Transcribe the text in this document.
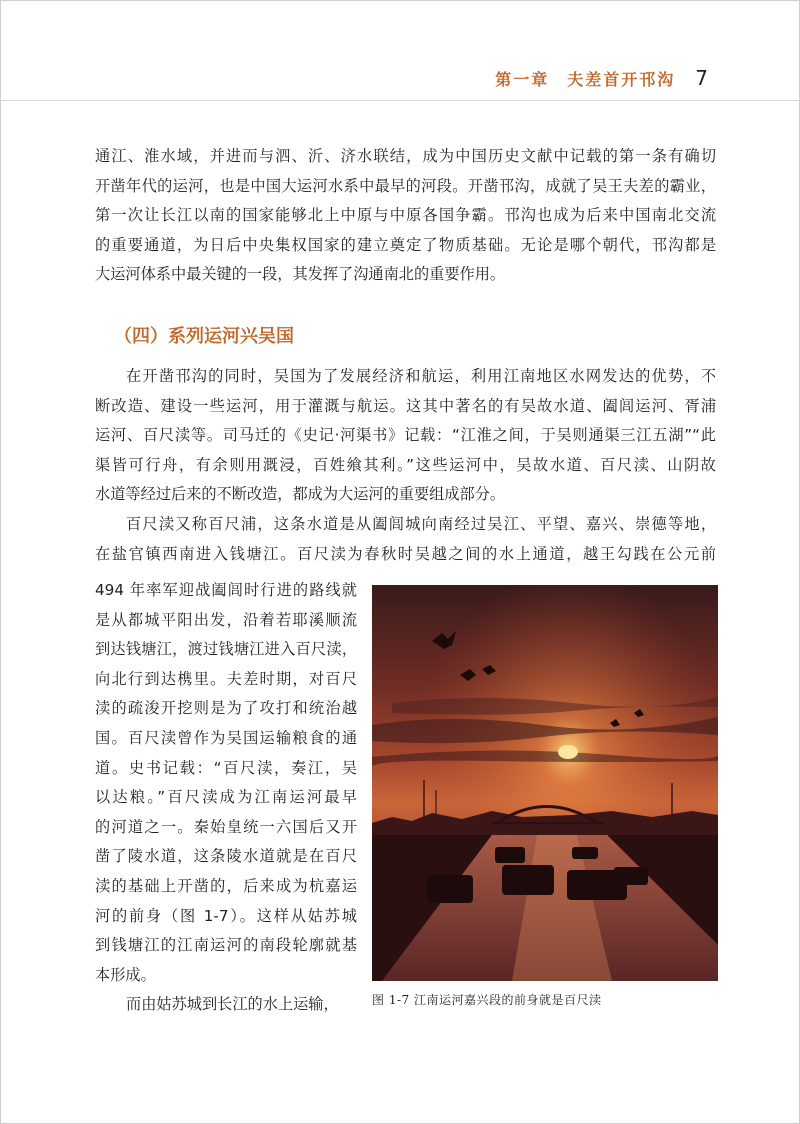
第一章　夫差首开邗沟 7
通江、淮水域，并进而与泗、沂、济水联结，成为中国历史文献中记载的第一条有确切
开凿年代的运河，也是中国大运河水系中最早的河段。开凿邗沟，成就了吴王夫差的霸业，
第一次让长江以南的国家能够北上中原与中原各国争霸。邗沟也成为后来中国南北交流
的重要通道，为日后中央集权国家的建立奠定了物质基础。无论是哪个朝代，邗沟都是
大运河体系中最关键的一段，其发挥了沟通南北的重要作用。
（四）系列运河兴吴国
在开凿邗沟的同时，吴国为了发展经济和航运，利用江南地区水网发达的优势，不
断改造、建设一些运河，用于灌溉与航运。这其中著名的有吴故水道、阖闾运河、胥浦
运河、百尺渎等。司马迁的《史记·河渠书》记载：“江淮之间，于吴则通渠三江五湖”“此
渠皆可行舟，有余则用溉浸，百姓飨其利。”这些运河中，吴故水道、百尺渎、山阴故
水道等经过后来的不断改造，都成为大运河的重要组成部分。
百尺渎又称百尺浦，这条水道是从阖闾城向南经过吴江、平望、嘉兴、崇德等地，
在盐官镇西南进入钱塘江。百尺渎为春秋时吴越之间的水上通道，越王勾践在公元前
494 年率军迎战阖闾时行进的路线就
是从都城平阳出发，沿着若耶溪顺流
到达钱塘江，渡过钱塘江进入百尺渎，
向北行到达槜里。夫差时期，对百尺
渎的疏浚开挖则是为了攻打和统治越
国。百尺渎曾作为吴国运输粮食的通
道。史书记载：“百尺渎，奏江，吴
以达粮。”百尺渎成为江南运河最早
的河道之一。秦始皇统一六国后又开
凿了陵水道，这条陵水道就是在百尺
渎的基础上开凿的，后来成为杭嘉运
河的前身（图 1-7）。这样从姑苏城
到钱塘江的江南运河的南段轮廓就基
本形成。
而由姑苏城到长江的水上运输，	图 1-7 江南运河嘉兴段的前身就是百尺渎
